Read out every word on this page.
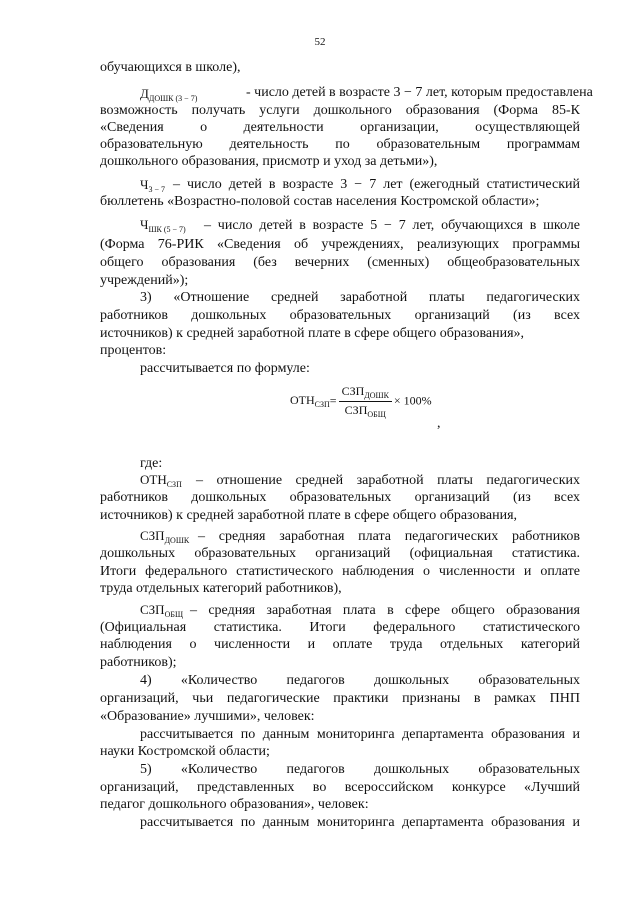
52
обучающихся в школе),
$Д_{ДОШК (3 - 7)}$	- число детей в возрасте 3 − 7 лет, которым предоставлена
возможность получать услуги дошкольного образования (Форма 85-К
«Сведения о деятельности организации, осуществляющей
образовательную деятельность по образовательным программам
дошкольного образования, присмотр и уход за детьми»),
$Ч_{3 - 7}$ – число детей в возрасте 3 − 7 лет (ежегодный статистический
бюллетень «Возрастно-половой состав населения Костромской области»;
$Ч_{ШК (5 - 7)}$ – число детей в возрасте 5 − 7 лет, обучающихся в школе
(Форма 76-РИК «Сведения об учреждениях, реализующих программы
общего образования (без вечерних (сменных) общеобразовательных
учреждений»);
3) «Отношение средней заработной платы педагогических
работников дошкольных образовательных организаций (из всех
источников) к средней заработной плате в сфере общего образования»,
процентов:
рассчитывается по формуле:
$ОТН_{СЗП}= \frac{СЗП_{ДОШК}}{СЗП_{ОБЩ}} \times 100\%$
,
где:
$ОТН_{СЗП}$ – отношение средней заработной платы педагогических
работников дошкольных образовательных организаций (из всех
источников) к средней заработной плате в сфере общего образования,
$СЗП_{ДОШК}$ – средняя заработная плата педагогических работников
дошкольных образовательных организаций (официальная статистика.
Итоги федерального статистического наблюдения о численности и оплате
труда отдельных категорий работников),
$СЗП_{ОБЩ}$ – средняя заработная плата в сфере общего образования
(Официальная статистика. Итоги федерального статистического
наблюдения о численности и оплате труда отдельных категорий
работников);
4) «Количество педагогов дошкольных образовательных
организаций, чьи педагогические практики признаны в рамках ПНП
«Образование» лучшими», человек:
рассчитывается по данным мониторинга департамента образования и
науки Костромской области;
5) «Количество педагогов дошкольных образовательных
организаций, представленных во всероссийском конкурсе «Лучший
педагог дошкольного образования», человек:
рассчитывается по данным мониторинга департамента образования и
